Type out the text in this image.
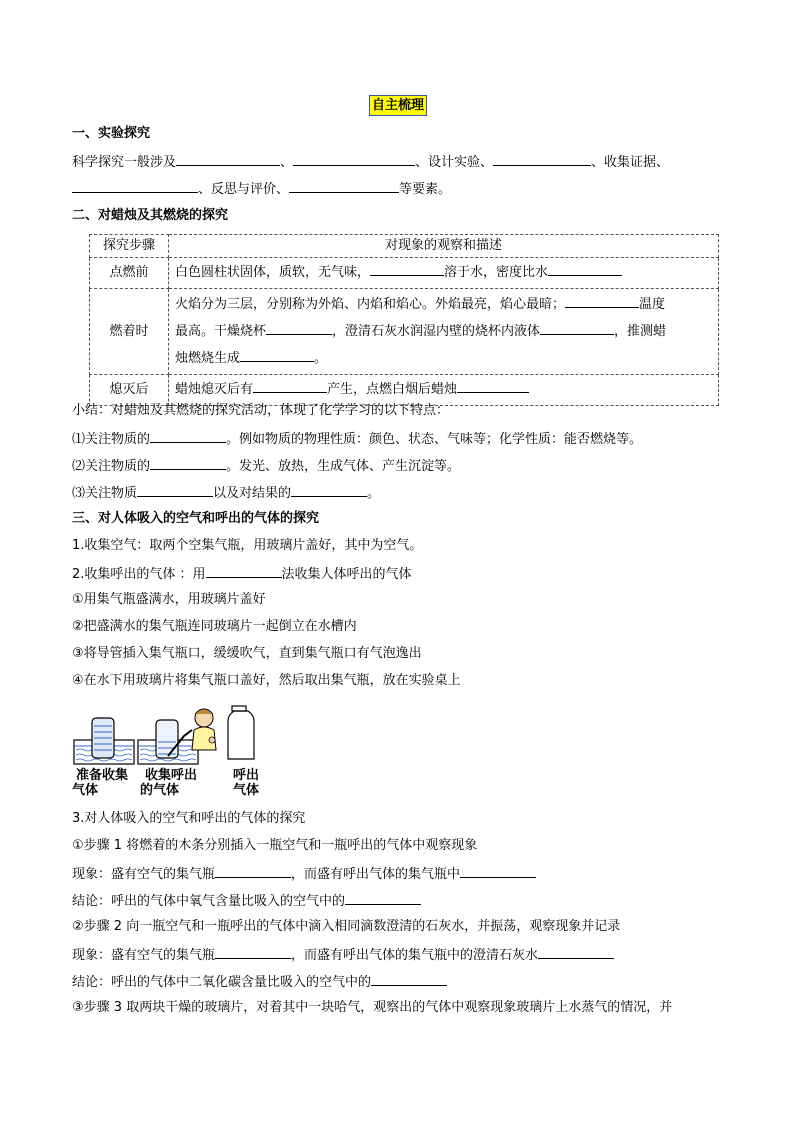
自主梳理
一、实验探究
科学探究一般涉及	、	、设计实验、	、收集证据、
、反思与评价、	等要素。
二、对蜡烛及其燃烧的探究
探究步骤	对现象的观察和描述
点燃前	白色圆柱状固体，质软，无气味， 溶于水，密度比水
燃着时	火焰分为三层，分别称为外焰、内焰和焰心。外焰最亮，焰心最暗； 温度
最高。干燥烧杯 ，澄清石灰水润湿内壁的烧杯内液体 ，推测蜡
烛燃烧生成 。
熄灭后	蜡烛熄灭后有 产生，点燃白烟后蜡烛
小结：对蜡烛及其燃烧的探究活动，体现了化学学习的以下特点：
⑴关注物质的	。例如物质的物理性质：颜色、状态、气味等；化学性质：能否燃烧等。
⑵关注物质的	。发光、放热，生成气体、产生沉淀等。
⑶关注物质	以及对结果的	。
三、对人体吸入的空气和呼出的气体的探究
1.收集空气：取两个空集气瓶，用玻璃片盖好，其中为空气。
2.收集呼出的气体 ：用	法收集人体呼出的气体
①用集气瓶盛满水，用玻璃片盖好
②把盛满水的集气瓶连同玻璃片一起倒立在水槽内
③将导管插入集气瓶口，缓缓吹气，直到集气瓶口有气泡逸出
④在水下用玻璃片将集气瓶口盖好，然后取出集气瓶，放在实验桌上
准备收集
气体
收集呼出
的气体
呼出
气体
3.对人体吸入的空气和呼出的气体的探究
①步骤 1 将燃着的木条分别插入一瓶空气和一瓶呼出的气体中观察现象
现象：盛有空气的集气瓶	，而盛有呼出气体的集气瓶中
结论：呼出的气体中氧气含量比吸入的空气中的
②步骤 2 向一瓶空气和一瓶呼出的气体中滴入相同滴数澄清的石灰水，并振荡，观察现象并记录
现象：盛有空气的集气瓶	，而盛有呼出气体的集气瓶中的澄清石灰水
结论：呼出的气体中二氧化碳含量比吸入的空气中的
③步骤 3 取两块干燥的玻璃片，对着其中一块哈气，观察出的气体中观察现象玻璃片上水蒸气的情况，并
